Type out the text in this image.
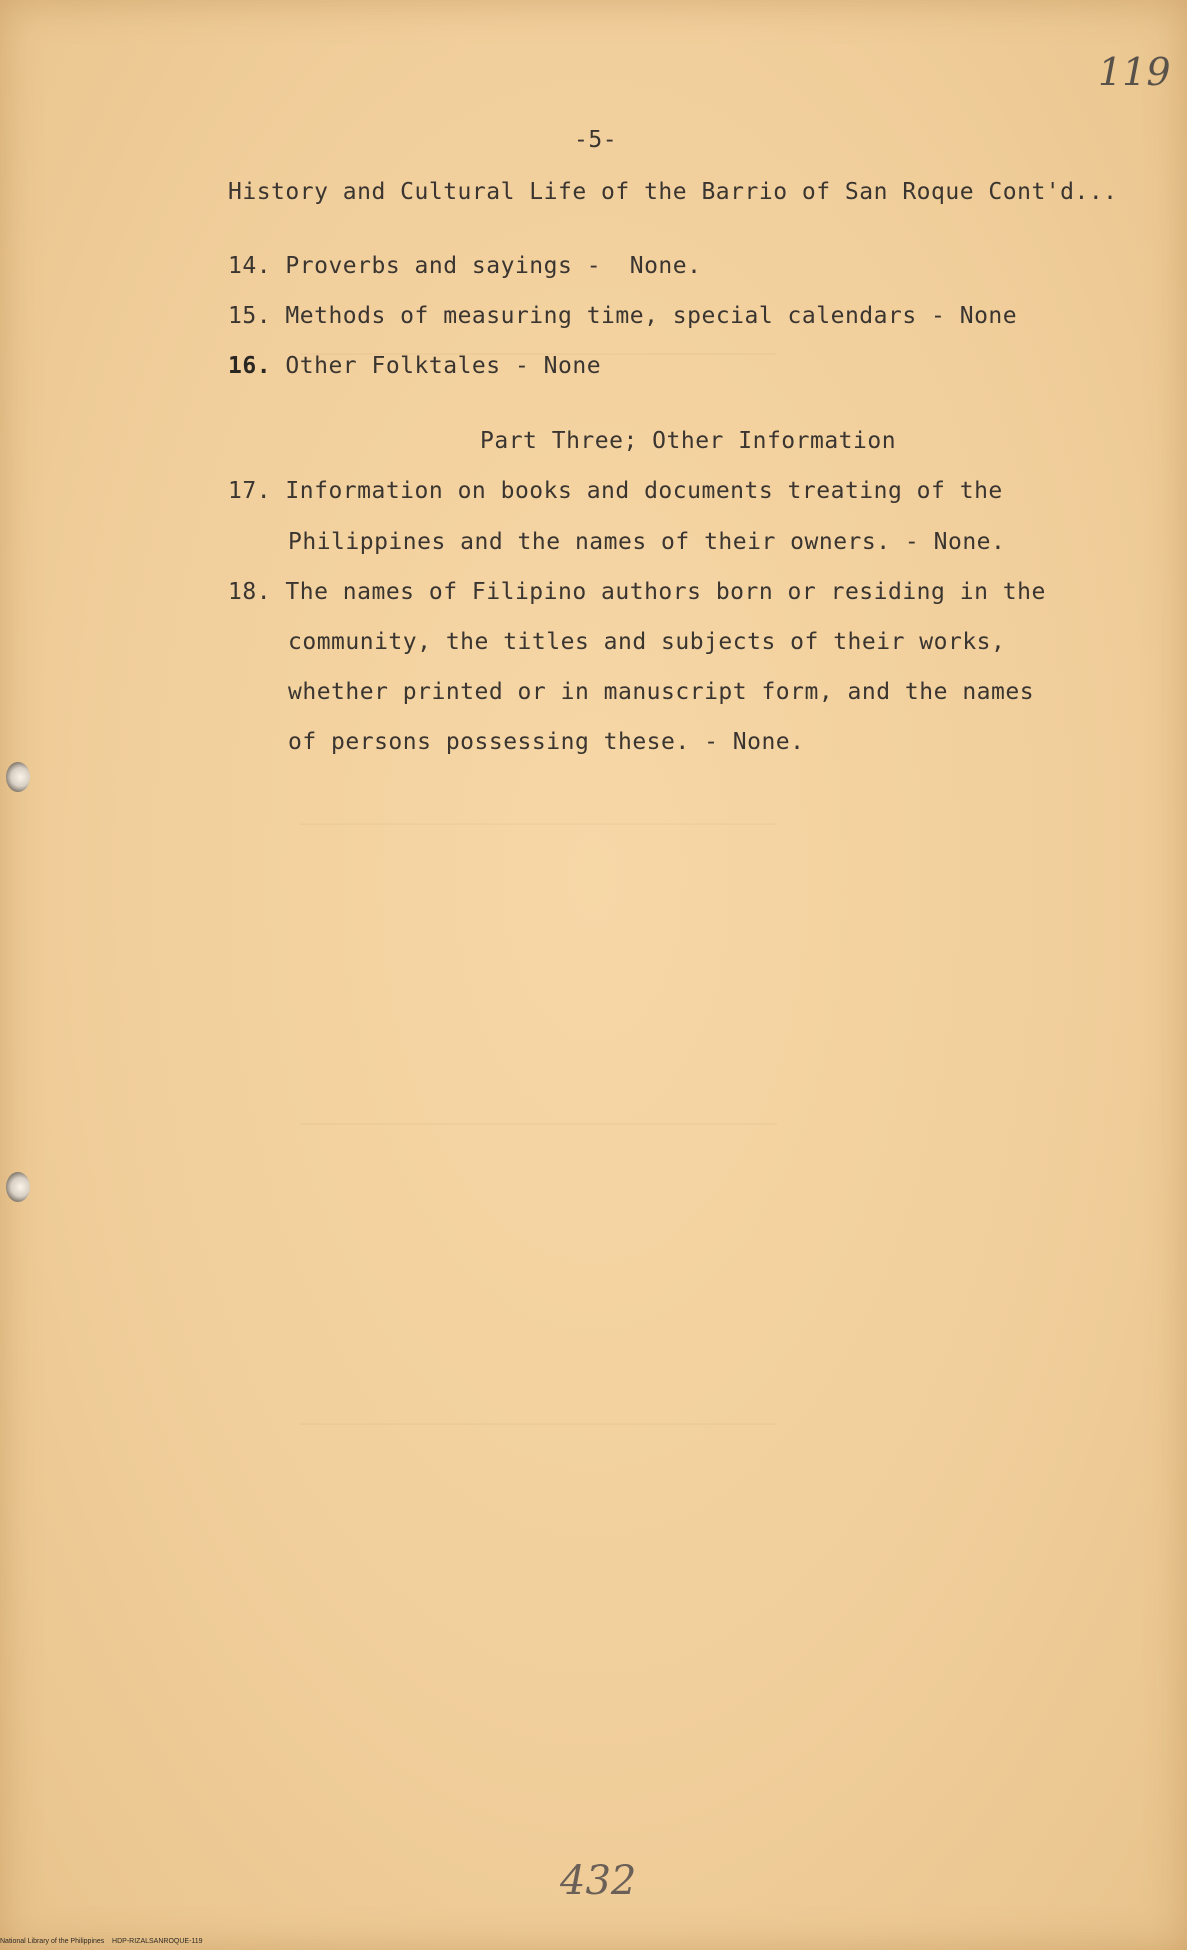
____________________________________
____________________________________
____________________________________
____________________________________
119
-5-
History and Cultural Life of the Barrio of San Roque Cont'd...
14. Proverbs and sayings -  None.
15. Methods of measuring time, special calendars - None
16. Other Folktales - None
Part Three; Other Information
17. Information on books and documents treating of the
Philippines and the names of their owners. - None.
18. The names of Filipino authors born or residing in the
community, the titles and subjects of their works,
whether printed or in manuscript form, and the names
of persons possessing these. - None.
432
National Library of the Philippines    HDP-RIZALSANROQUE-119
